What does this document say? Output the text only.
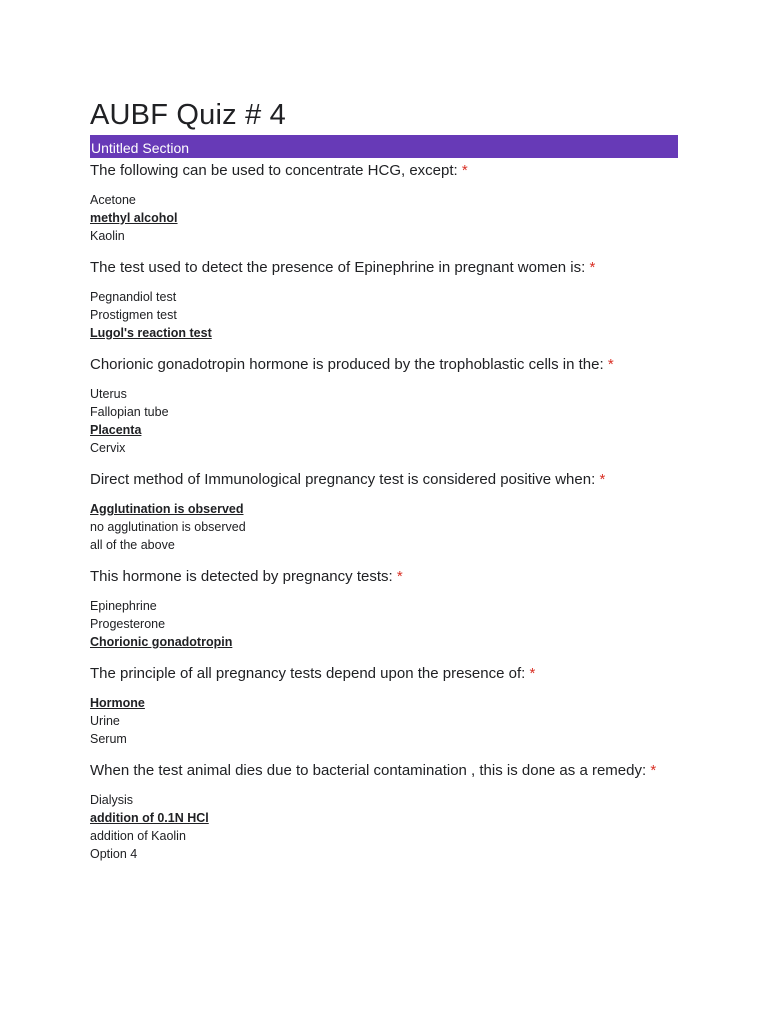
AUBF Quiz # 4
Untitled Section

The following can be used to concentrate HCG, except: *

Acetone
methyl alcohol
Kaolin

The test used to detect the presence of Epinephrine in pregnant women is: *

Pegnandiol test
Prostigmen test
Lugol's reaction test

Chorionic gonadotropin hormone is produced by the trophoblastic cells in the: *

Uterus
Fallopian tube
Placenta
Cervix

Direct method of Immunological pregnancy test is considered positive when: *

Agglutination is observed
no agglutination is observed
all of the above

This hormone is detected by pregnancy tests: *

Epinephrine
Progesterone
Chorionic gonadotropin

The principle of all pregnancy tests depend upon the presence of: *

Hormone
Urine
Serum

When the test animal dies due to bacterial contamination , this is done as a remedy: *

Dialysis
addition of 0.1N HCl
addition of Kaolin
Option 4
